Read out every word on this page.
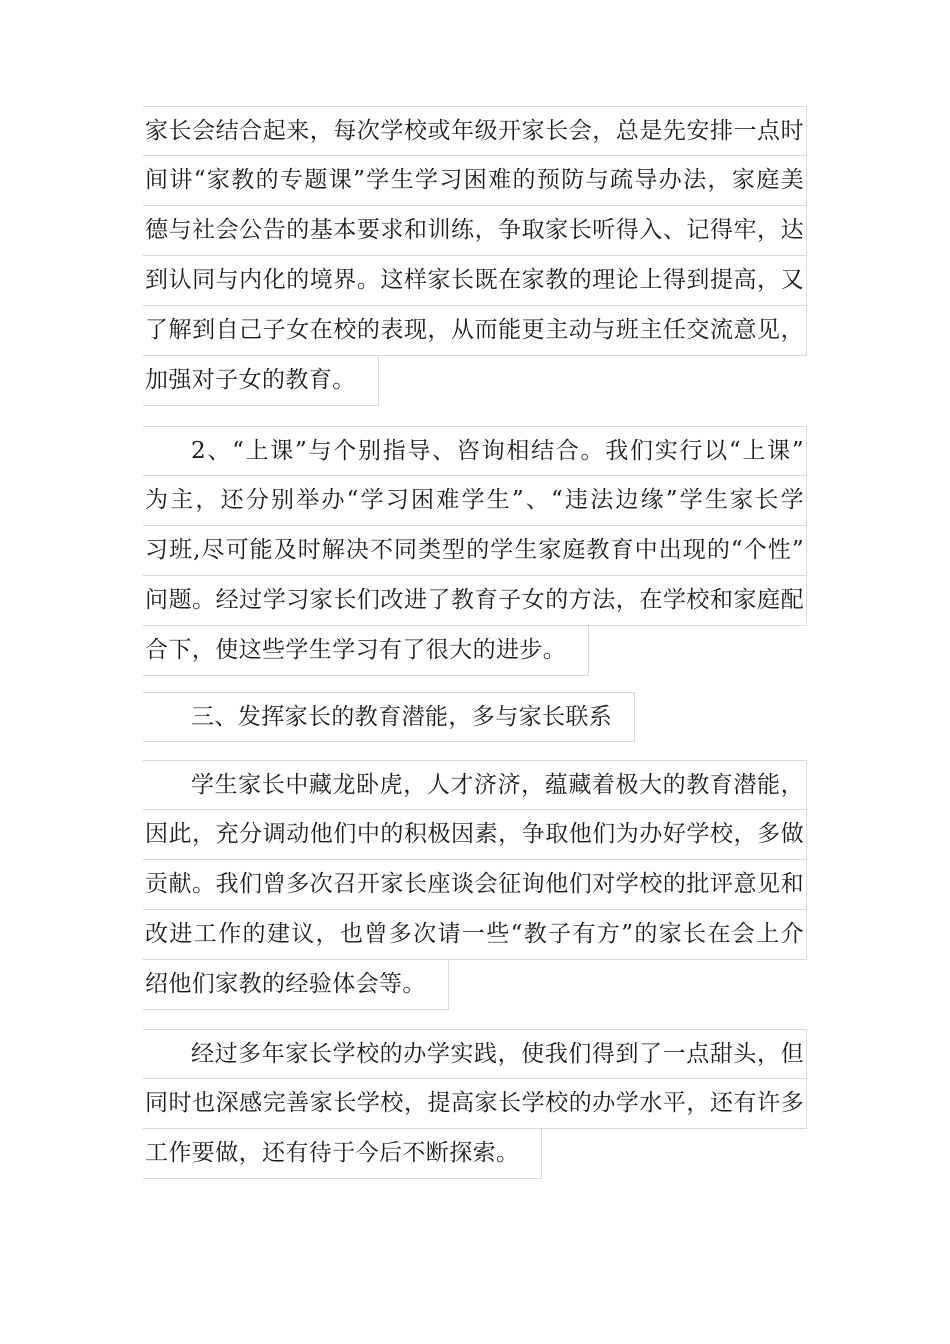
家长会结合起来，每次学校或年级开家长会，总是先安排一点时
间讲“家教的专题课”学生学习困难的预防与疏导办法，家庭美
德与社会公告的基本要求和训练，争取家长听得入、记得牢，达
到认同与内化的境界。这样家长既在家教的理论上得到提高，又
了解到自己子女在校的表现，从而能更主动与班主任交流意见，
加强对子女的教育。
2、“上课”与个别指导、咨询相结合。我们实行以“上课”
为主，还分别举办“学习困难学生”、“违法边缘”学生家长学
习班,尽可能及时解决不同类型的学生家庭教育中出现的“个性”
问题。经过学习家长们改进了教育子女的方法，在学校和家庭配
合下，使这些学生学习有了很大的进步。
三、发挥家长的教育潜能，多与家长联系
学生家长中藏龙卧虎，人才济济，蕴藏着极大的教育潜能，
因此，充分调动他们中的积极因素，争取他们为办好学校，多做
贡献。我们曾多次召开家长座谈会征询他们对学校的批评意见和
改进工作的建议，也曾多次请一些“教子有方”的家长在会上介
绍他们家教的经验体会等。
经过多年家长学校的办学实践，使我们得到了一点甜头，但
同时也深感完善家长学校，提高家长学校的办学水平，还有许多
工作要做，还有待于今后不断探索。
